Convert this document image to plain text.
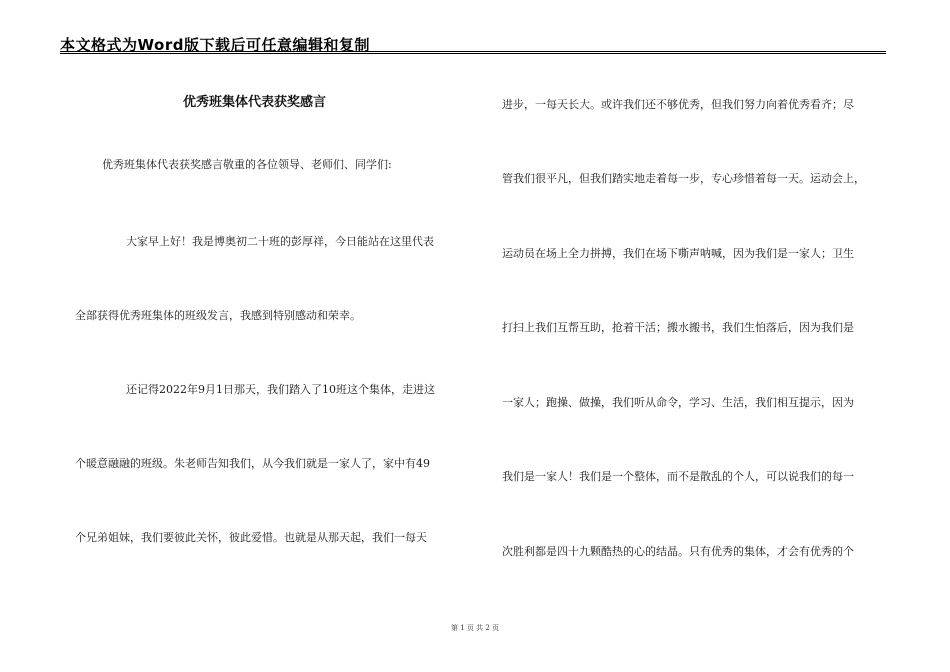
本文格式为Word版下载后可任意编辑和复制
优秀班集体代表获奖感言
优秀班集体代表获奖感言敬重的各位领导、老师们、同学们:
大家早上好！我是博奥初二十班的彭厚祥，今日能站在这里代表
全部获得优秀班集体的班级发言，我感到特别感动和荣幸。
还记得2022年9月1日那天，我们踏入了10班这个集体，走进这
个暖意融融的班级。朱老师告知我们，从今我们就是一家人了，家中有49
个兄弟姐妹，我们要彼此关怀，彼此爱惜。也就是从那天起，我们一每天
进步，一每天长大。或许我们还不够优秀，但我们努力向着优秀看齐；尽
管我们很平凡，但我们踏实地走着每一步，专心珍惜着每一天。运动会上，
运动员在场上全力拼搏，我们在场下嘶声呐喊，因为我们是一家人；卫生
打扫上我们互帮互助，抢着干活；搬水搬书，我们生怕落后，因为我们是
一家人；跑操、做操，我们听从命令，学习、生活，我们相互提示，因为
我们是一家人！我们是一个整体，而不是散乱的个人，可以说我们的每一
次胜利都是四十九颗酷热的心的结晶。只有优秀的集体，才会有优秀的个
第 1 页 共 2 页
